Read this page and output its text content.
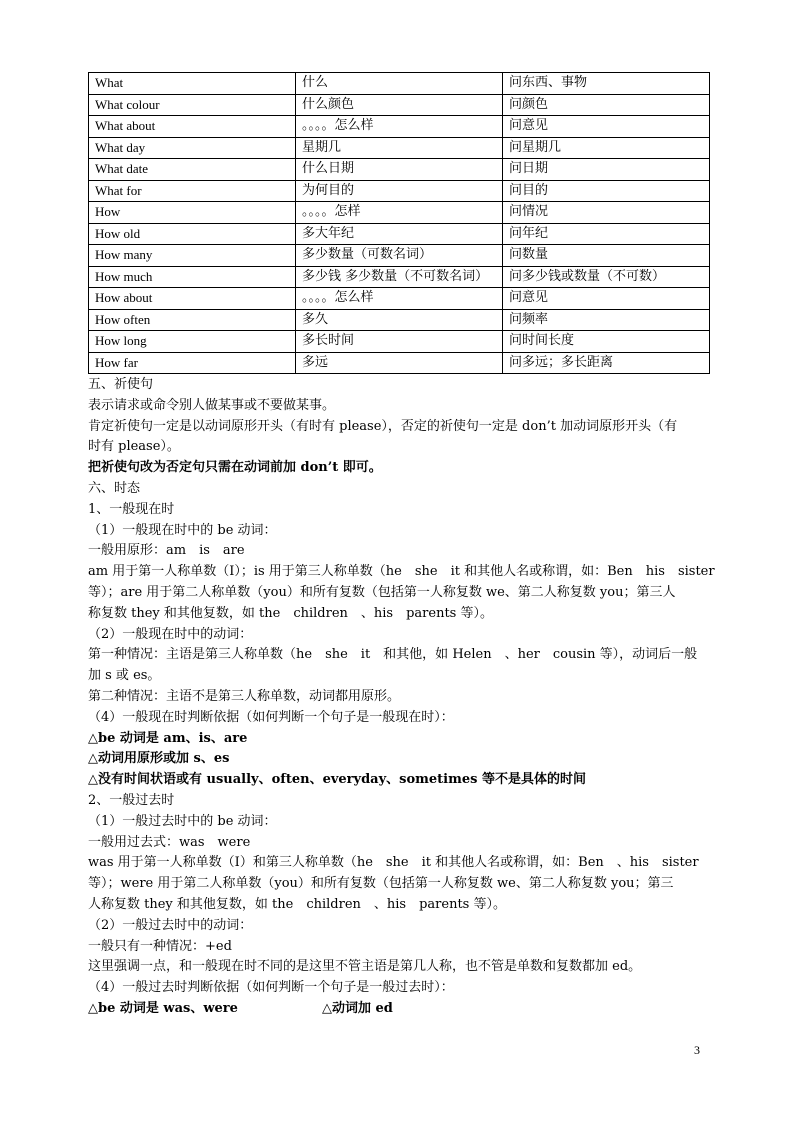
What	什么	问东西、事物
What colour	什么颜色	问颜色
What about	。。。。怎么样	问意见
What day	星期几	问星期几
What date	什么日期	问日期
What for	为何目的	问目的
How	。。。。怎样	问情况
How old	多大年纪	问年纪
How many	多少数量（可数名词）	问数量
How much	多少钱 多少数量（不可数名词）	问多少钱或数量（不可数）
How about	。。。。怎么样	问意见
How often	多久	问频率
How long	多长时间	问时间长度
How far	多远	问多远；多长距离
五、祈使句
表示请求或命令别人做某事或不要做某事。
肯定祈使句一定是以动词原形开头（有时有 please），否定的祈使句一定是 don’t 加动词原形开头（有
时有 please）。
把祈使句改为否定句只需在动词前加 don’t 即可。
六、时态
1、一般现在时
（1）一般现在时中的 be 动词：
一般用原形：am　is　are
am 用于第一人称单数（I）；is 用于第三人称单数（he　she　it 和其他人名或称谓，如：Ben　his　sister
等）；are 用于第二人称单数（you）和所有复数（包括第一人称复数 we、第二人称复数 you；第三人
称复数 they 和其他复数，如 the　children　、his　parents 等）。
（2）一般现在时中的动词：
第一种情况：主语是第三人称单数（he　she　it　和其他，如 Helen　、her　cousin 等），动词后一般
加 s 或 es。
第二种情况：主语不是第三人称单数，动词都用原形。
（4）一般现在时判断依据（如何判断一个句子是一般现在时）：
△be 动词是 am、is、are
△动词用原形或加 s、es
△没有时间状语或有 usually、often、everyday、sometimes 等不是具体的时间
2、一般过去时
（1）一般过去时中的 be 动词：
一般用过去式：was　were
was 用于第一人称单数（I）和第三人称单数（he　she　it 和其他人名或称谓，如：Ben　、his　sister
等）；were 用于第二人称单数（you）和所有复数（包括第一人称复数 we、第二人称复数 you；第三
人称复数 they 和其他复数，如 the　children　、his　parents 等）。
（2）一般过去时中的动词：
一般只有一种情况：+ed
这里强调一点，和一般现在时不同的是这里不管主语是第几人称，也不管是单数和复数都加 ed。
（4）一般过去时判断依据（如何判断一个句子是一般过去时）：
△be 动词是 was、were	△动词加 ed
3
